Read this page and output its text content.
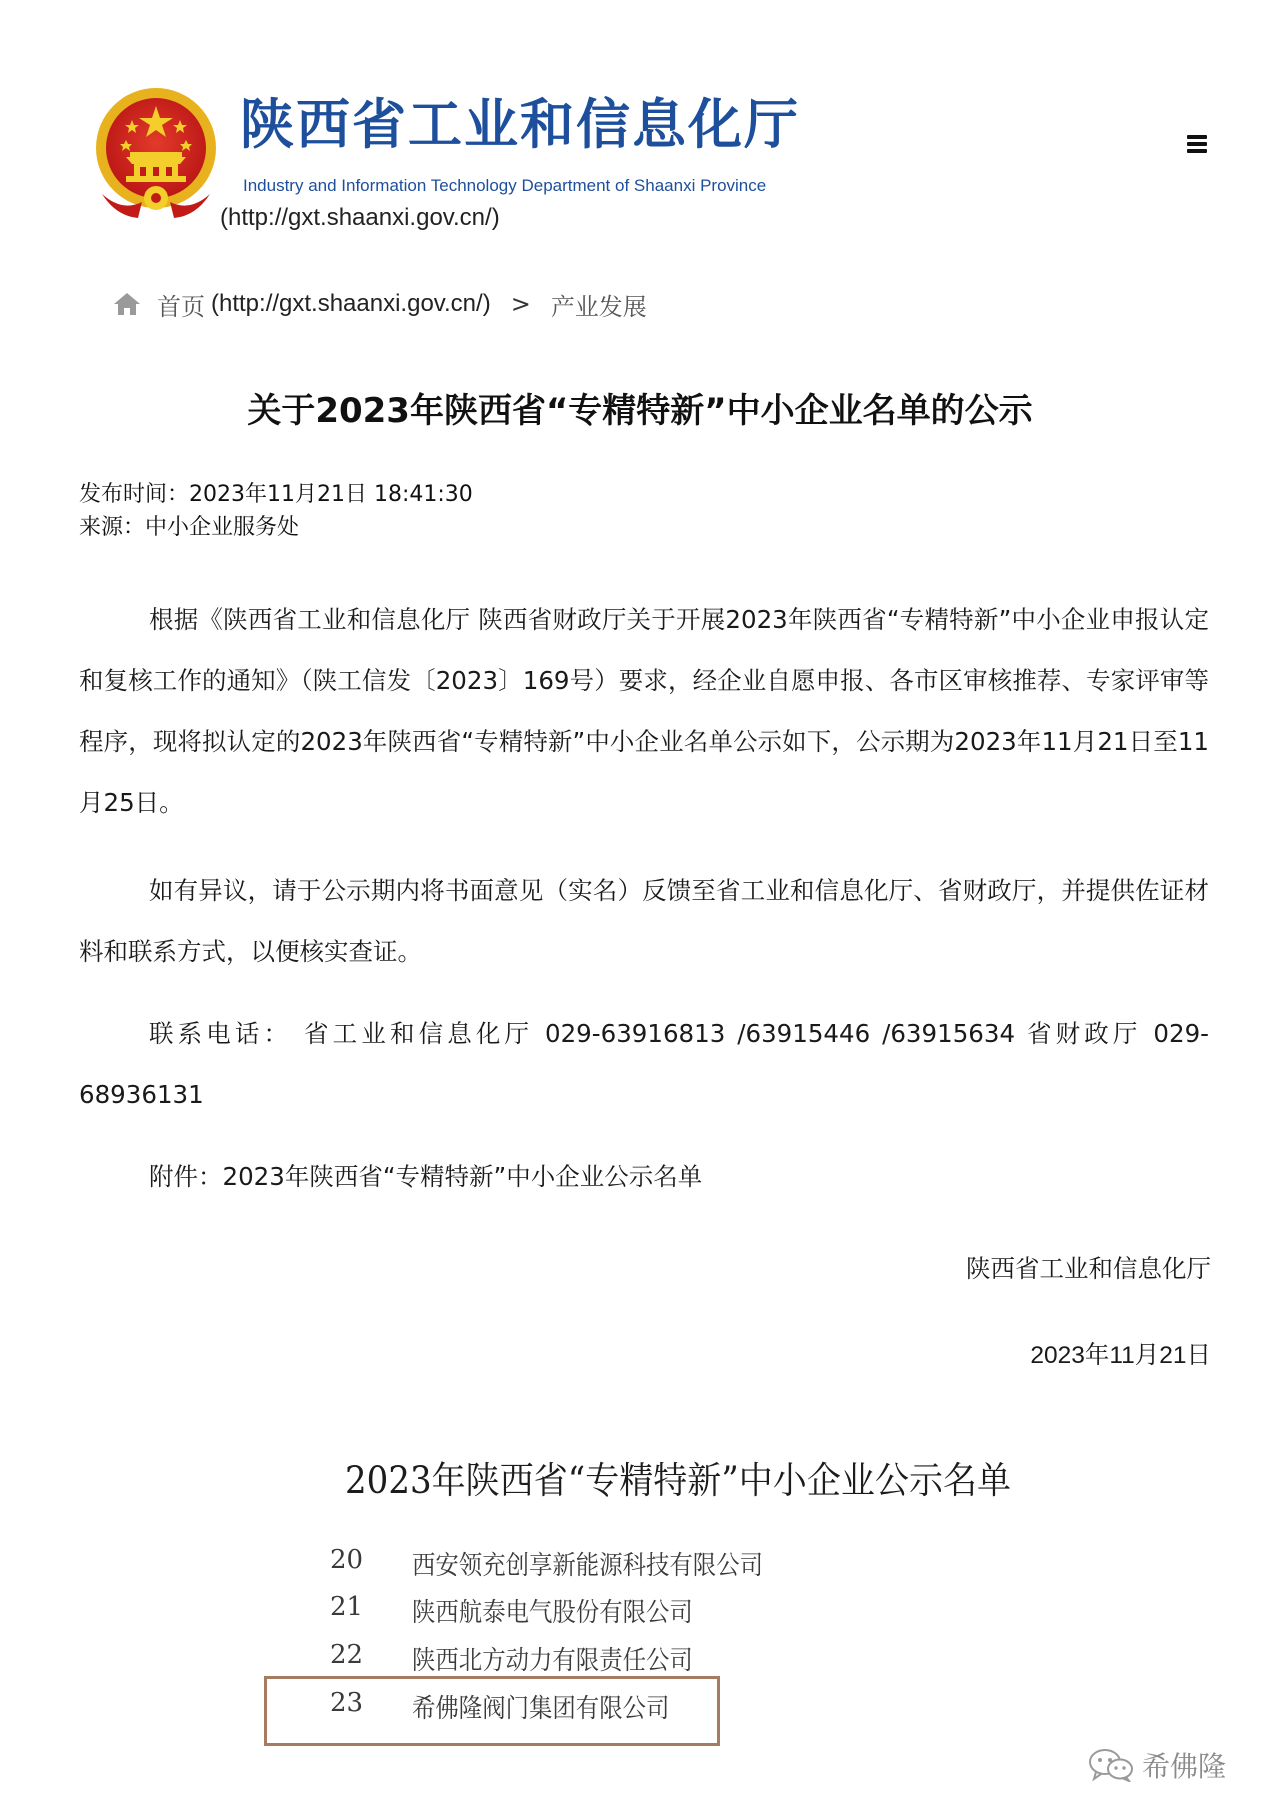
陕西省工业和信息化厅
Industry and Information Technology Department of Shaanxi Province
(http://gxt.shaanxi.gov.cn/)
首页 (http://gxt.shaanxi.gov.cn/) > 产业发展
关于2023年陕西省“专精特新”中小企业名单的公示
发布时间：2023年11月21日 18:41:30
来源：中小企业服务处
根据《陕西省工业和信息化厅 陕西省财政厅关于开展2023年陕西省“专精特新”中小企业申报认定和复核工作的通知》（陕工信发〔2023〕169号）要求，经企业自愿申报、各市区审核推荐、专家评审等程序，现将拟认定的2023年陕西省“专精特新”中小企业名单公示如下，公示期为2023年11月21日至11月25日。
如有异议，请于公示期内将书面意见（实名）反馈至省工业和信息化厅、省财政厅，并提供佐证材料和联系方式，以便核实查证。
联系电话： 省工业和信息化厅 029-63916813 /63915446 /63915634 省财政厅 029-68936131
附件：2023年陕西省“专精特新”中小企业公示名单
陕西省工业和信息化厅
2023年11月21日
2023年陕西省“专精特新”中小企业公示名单
20	西安领充创享新能源科技有限公司
21	陕西航泰电气股份有限公司
22	陕西北方动力有限责任公司
23	希佛隆阀门集团有限公司
希佛隆
